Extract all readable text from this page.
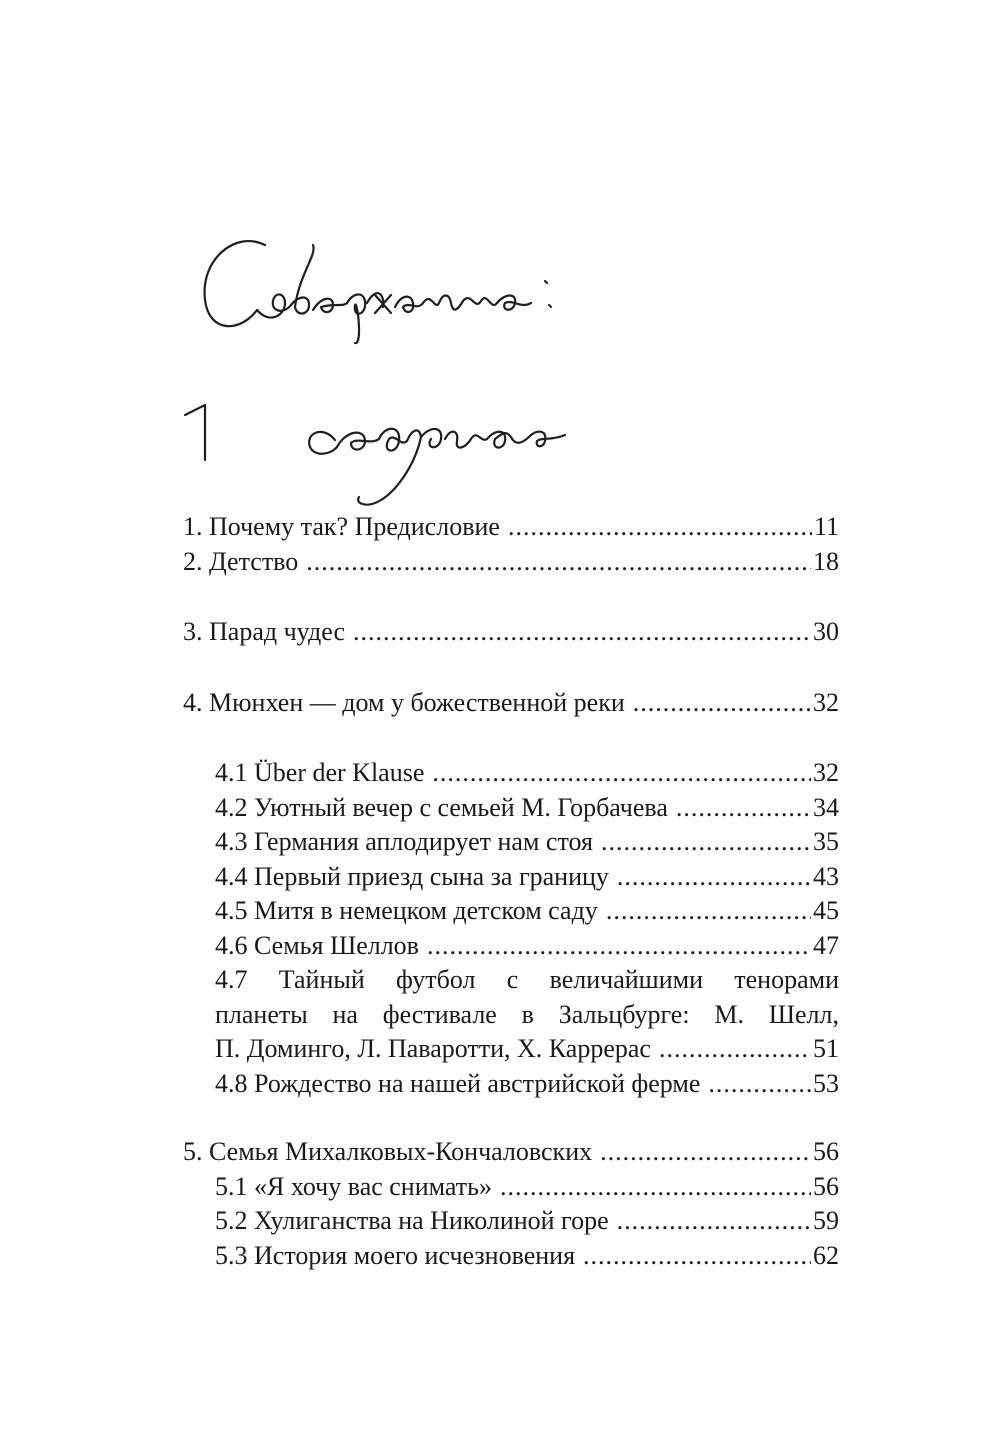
1. Почему так? Предисловие .....	11
2. Детство .....	18
3. Парад чудес .....	30
4. Мюнхен — дом у божественной реки .....	32
4.1 Über der Klause .....	32
4.2 Уютный вечер с семьей М. Горбачева .....	34
4.3 Германия аплодирует нам стоя .....	35
4.4 Первый приезд сына за границу .....	43
4.5 Митя в немецком детском саду .....	45
4.6 Семья Шеллов .....	47
4.7 Тайный футбол с величайшими тенорами
планеты на фестивале в Зальцбурге: М. Шелл,
П. Доминго, Л. Паваротти, Х. Каррерас .....	51
4.8 Рождество на нашей австрийской ферме .....	53
5. Семья Михалковых-Кончаловских .....	56
5.1 «Я хочу вас снимать» .....	56
5.2 Хулиганства на Николиной горе .....	59
5.3 История моего исчезновения .....	62
